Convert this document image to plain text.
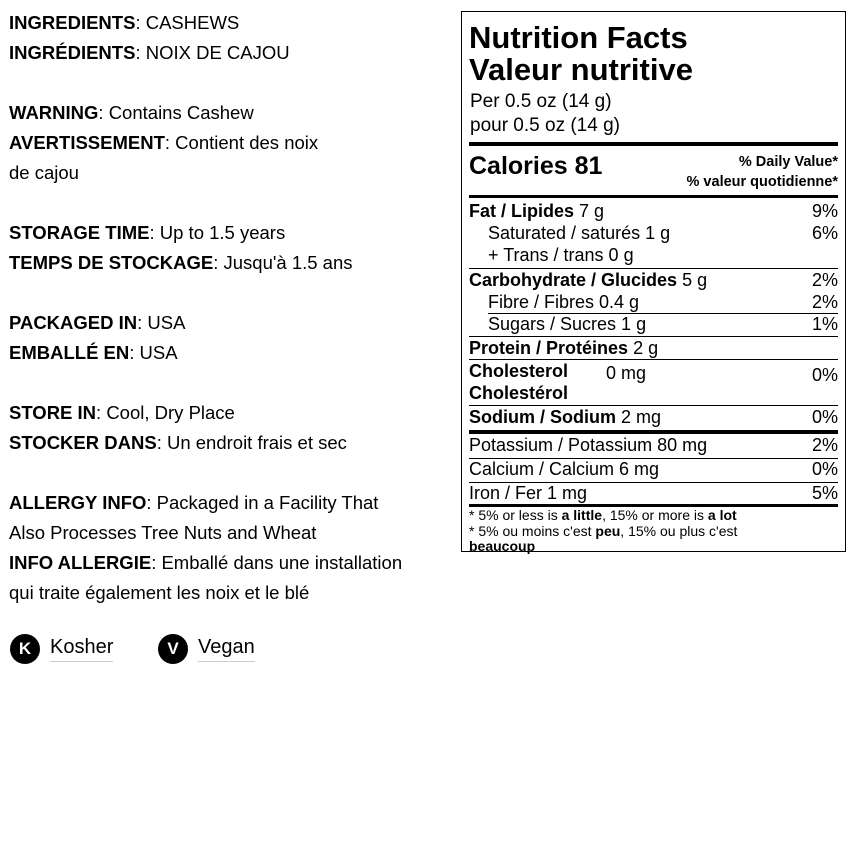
INGREDIENTS: CASHEWS
INGRÉDIENTS: NOIX DE CAJOU
WARNING: Contains Cashew
AVERTISSEMENT: Contient des noix
de cajou
STORAGE TIME: Up to 1.5 years
TEMPS DE STOCKAGE: Jusqu'à 1.5 ans
PACKAGED IN: USA
EMBALLÉ EN: USA
STORE IN: Cool, Dry Place
STOCKER DANS: Un endroit frais et sec
ALLERGY INFO: Packaged in a Facility That
Also Processes Tree Nuts and Wheat
INFO ALLERGIE: Emballé dans une installation
qui traite également les noix et le blé
K Kosher	V Vegan
Nutrition Facts
Valeur nutritive
Per 0.5 oz (14 g)
pour 0.5 oz (14 g)
Calories 81	% Daily Value*
% valeur quotidienne*
Fat / Lipides 7 g	9%
Saturated / saturés 1 g	6%
+ Trans / trans 0 g
Carbohydrate / Glucides 5 g	2%
Fibre / Fibres 0.4 g	2%
Sugars / Sucres 1 g	1%
Protein / Protéines 2 g
Cholesterol
Cholestérol
0 mg	0%
Sodium / Sodium 2 mg	0%
Potassium / Potassium 80 mg	2%
Calcium / Calcium 6 mg	0%
Iron / Fer 1 mg	5%
* 5% or less is a little, 15% or more is a lot
* 5% ou moins c'est peu, 15% ou plus c'est
beaucoup
